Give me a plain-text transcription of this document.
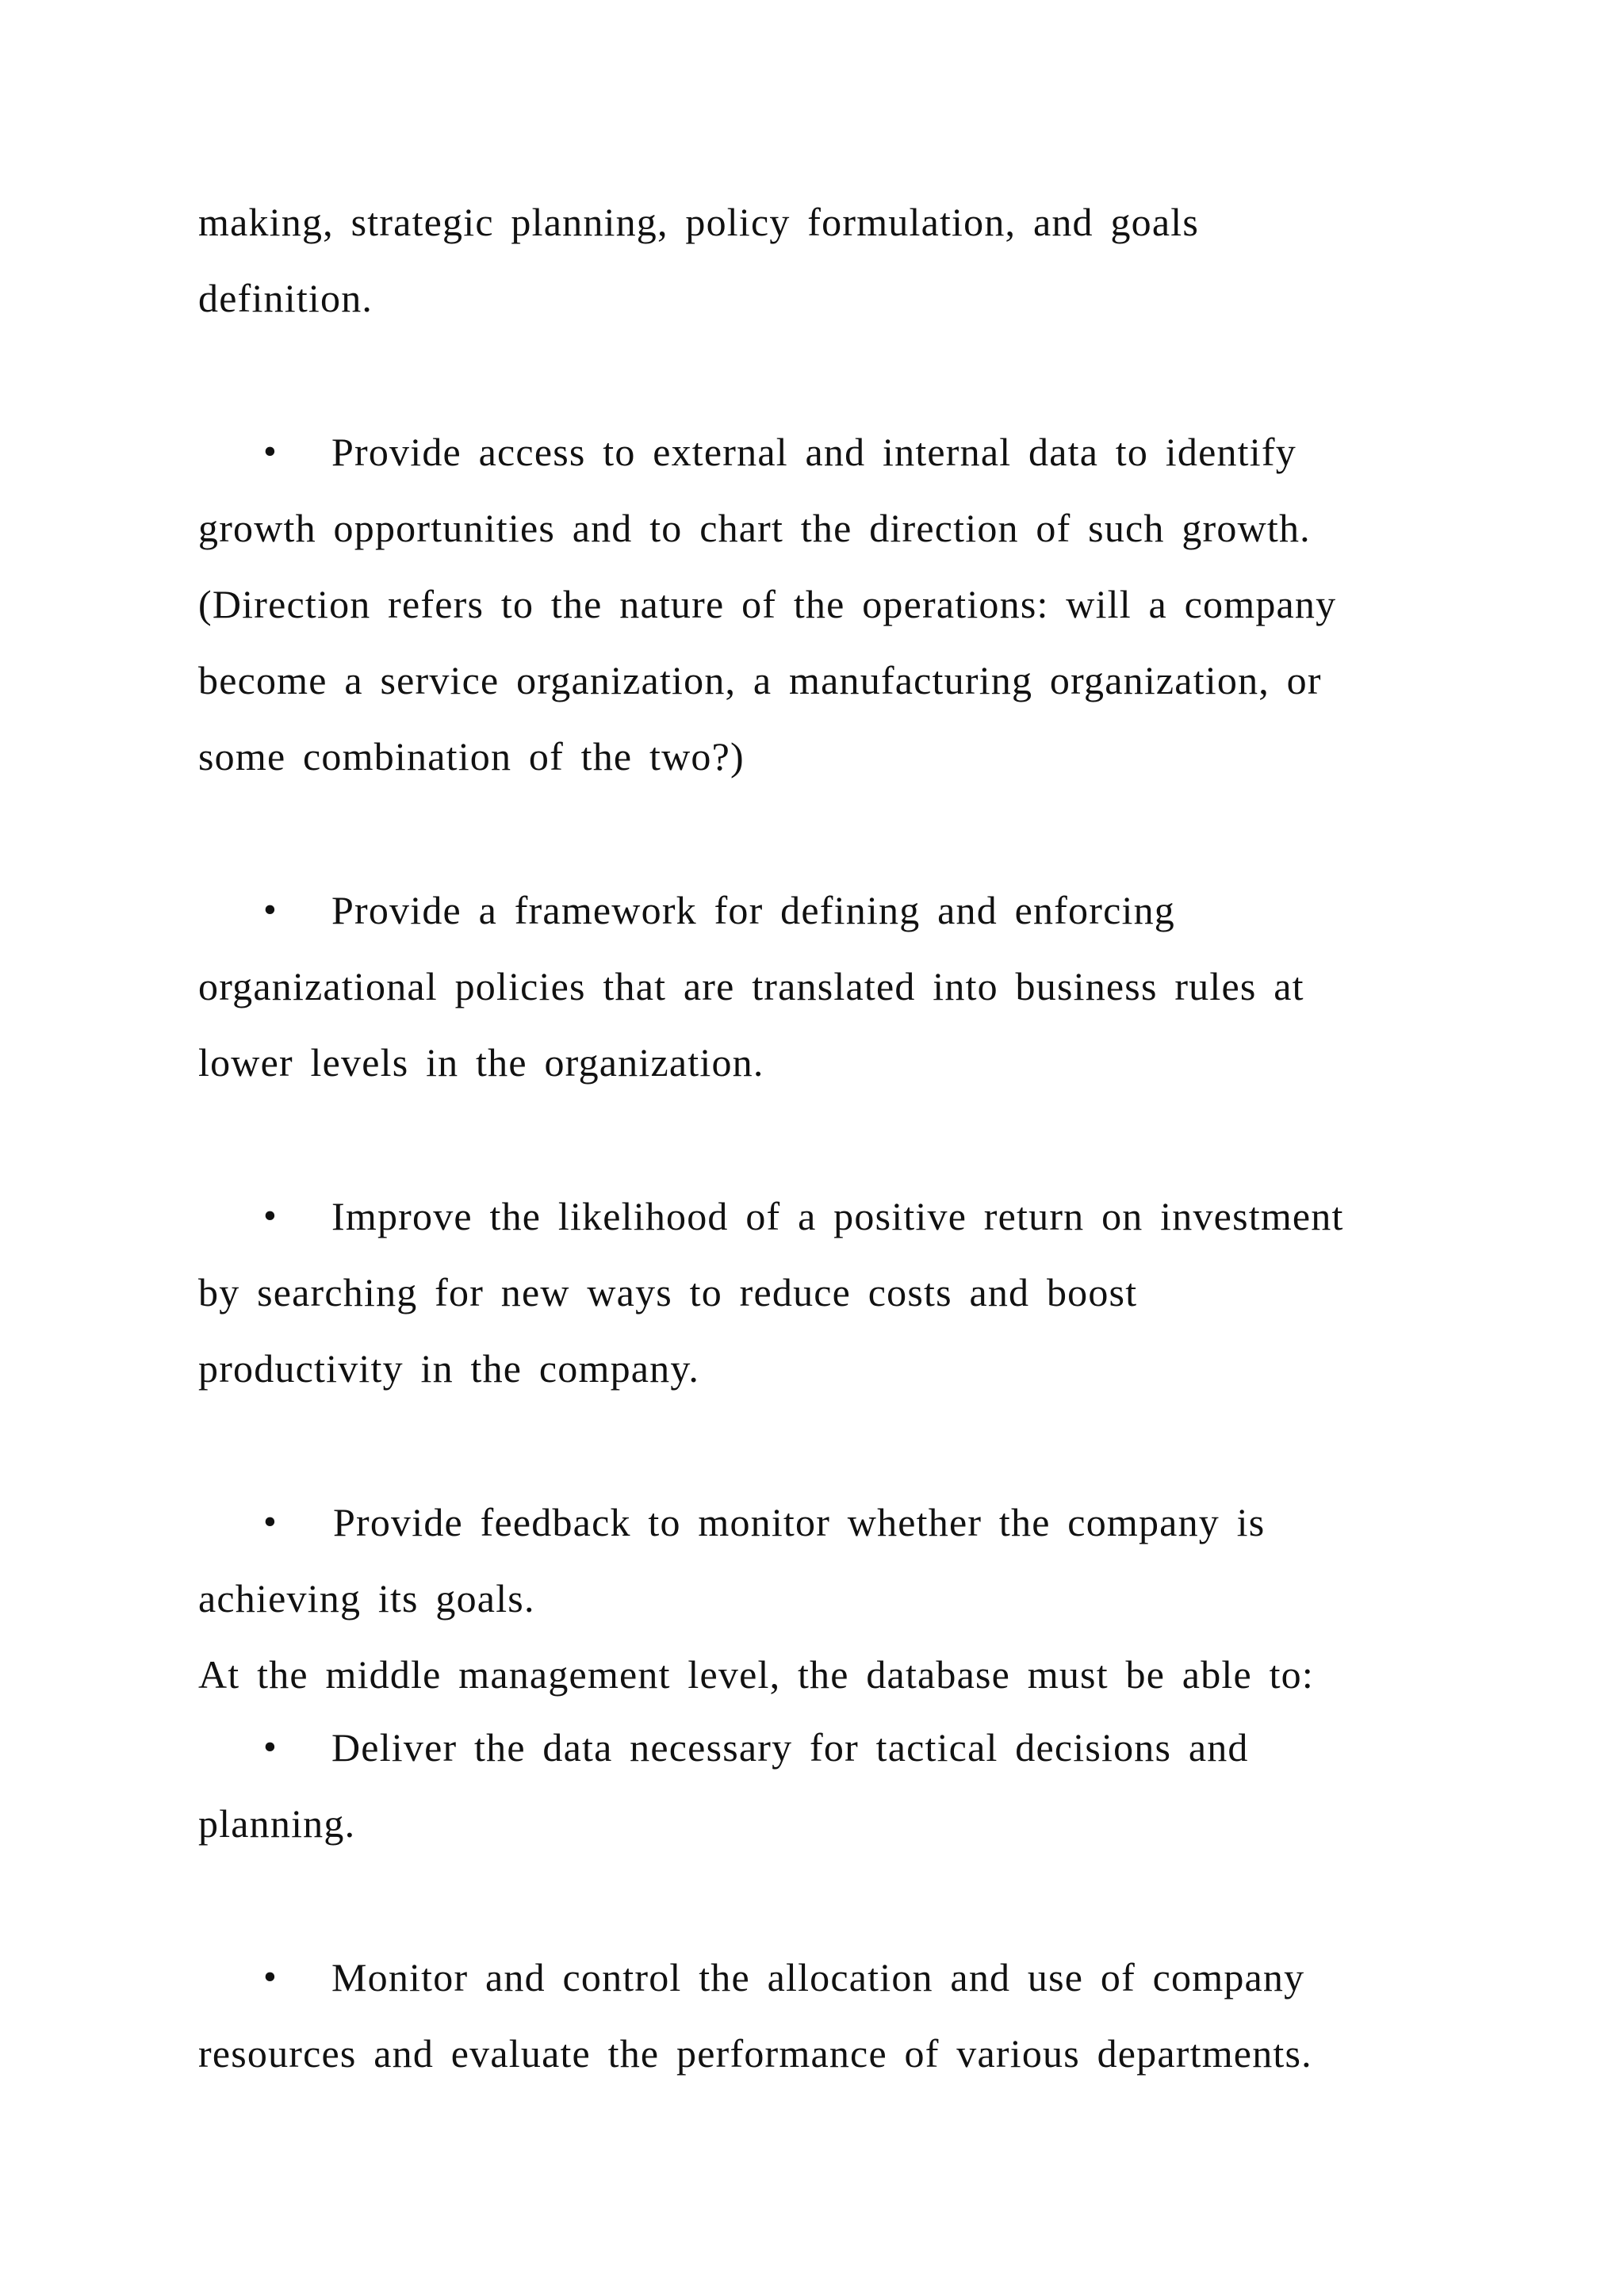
making, strategic planning, policy formulation, and goals
definition.
• Provide access to external and internal data to identify
growth opportunities and to chart the direction of such growth.
(Direction refers to the nature of the operations: will a company
become a service organization, a manufacturing organization, or
some combination of the two?)
• Provide a framework for defining and enforcing
organizational policies that are translated into business rules at
lower levels in the organization.
• Improve the likelihood of a positive return on investment
by searching for new ways to reduce costs and boost
productivity in the company.
• Provide feedback to monitor whether the company is
achieving its goals.
At the middle management level, the database must be able to:
• Deliver the data necessary for tactical decisions and
planning.
• Monitor and control the allocation and use of company
resources and evaluate the performance of various departments.
